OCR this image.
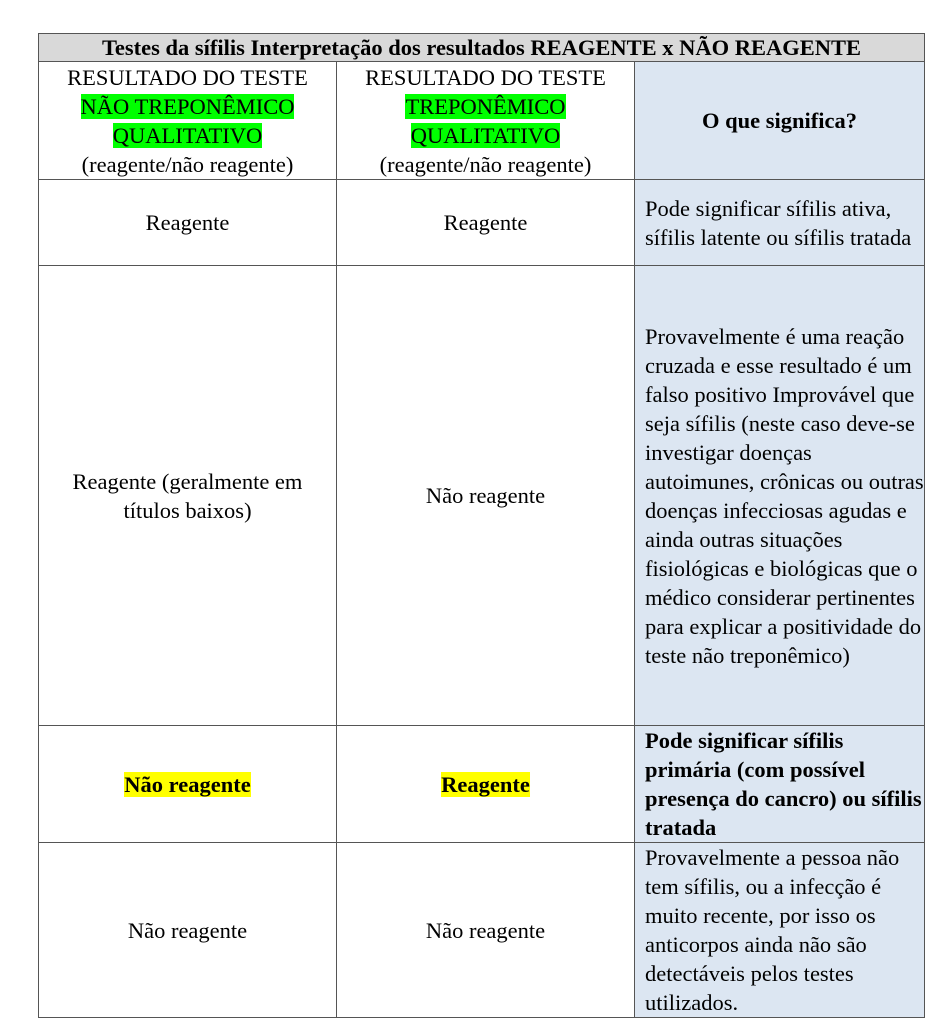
Testes da sífilis Interpretação dos resultados REAGENTE x NÃO REAGENTE		

RESULTADO DO TESTE
NÃO TREPONÊMICO
QUALITATIVO
(reagente/não reagente)	RESULTADO DO TESTE
TREPONÊMICO
QUALITATIVO
(reagente/não reagente)	O que significa?
Reagente	Reagente	Pode significar sífilis ativa, sífilis latente ou sífilis tratada
Reagente (geralmente em títulos baixos)	Não reagente	Provavelmente é uma reação cruzada e esse resultado é um falso positivo Improvável que seja sífilis (neste caso deve-se investigar doenças autoimunes, crônicas ou outras doenças infecciosas agudas e ainda outras situações fisiológicas e biológicas que o médico considerar pertinentes para explicar a positividade do teste não treponêmico)
Não reagente	Reagente	Pode significar sífilis primária (com possível presença do cancro) ou sífilis tratada
Não reagente	Não reagente	Provavelmente a pessoa não tem sífilis, ou a infecção é muito recente, por isso os anticorpos ainda não são detectáveis pelos testes utilizados.
